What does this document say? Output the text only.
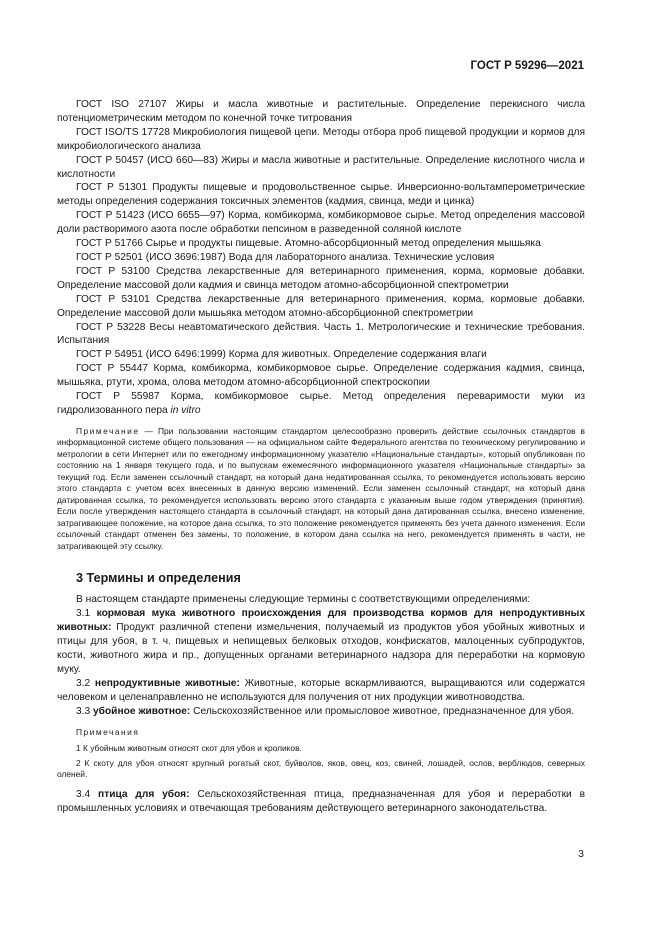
ГОСТ Р 59296—2021

ГОСТ ISO 27107 Жиры и масла животные и растительные. Определение перекисного числа потенциометрическим методом по конечной точке титрования

ГОСТ ISO/TS 17728 Микробиология пищевой цепи. Методы отбора проб пищевой продукции и кормов для микробиологического анализа

ГОСТ Р 50457 (ИСО 660—83) Жиры и масла животные и растительные. Определение кислотного числа и кислотности

ГОСТ Р 51301 Продукты пищевые и продовольственное сырье. Инверсионно-вольтамперометрические методы определения содержания токсичных элементов (кадмия, свинца, меди и цинка)

ГОСТ Р 51423 (ИСО 6655—97) Корма, комбикорма, комбикормовое сырье. Метод определения массовой доли растворимого азота после обработки пепсином в разведенной соляной кислоте

ГОСТ Р 51766 Сырье и продукты пищевые. Атомно-абсорбционный метод определения мышьяка

ГОСТ Р 52501 (ИСО 3696:1987) Вода для лабораторного анализа. Технические условия

ГОСТ Р 53100 Средства лекарственные для ветеринарного применения, корма, кормовые добавки. Определение массовой доли кадмия и свинца методом атомно-абсорбционной спектрометрии

ГОСТ Р 53101 Средства лекарственные для ветеринарного применения, корма, кормовые добавки. Определение массовой доли мышьяка методом атомно-абсорбционной спектрометрии

ГОСТ Р 53228 Весы неавтоматического действия. Часть 1. Метрологические и технические требования. Испытания

ГОСТ Р 54951 (ИСО 6496:1999) Корма для животных. Определение содержания влаги

ГОСТ Р 55447 Корма, комбикорма, комбикормовое сырье. Определение содержания кадмия, свинца, мышьяка, ртути, хрома, олова методом атомно-абсорбционной спектроскопии

ГОСТ Р 55987 Корма, комбикормовое сырье. Метод определения переваримости муки из гидролизованного пера in vitro

Примечание — При пользовании настоящим стандартом целесообразно проверить действие ссылочных стандартов в информационной системе общего пользования — на официальном сайте Федерального агентства по техническому регулированию и метрологии в сети Интернет или по ежегодному информационному указателю «Национальные стандарты», который опубликован по состоянию на 1 января текущего года, и по выпускам ежемесячного информационного указателя «Национальные стандарты» за текущий год. Если заменен ссылочный стандарт, на который дана недатированная ссылка, то рекомендуется использовать версию этого стандарта с учетом всех внесенных в данную версию изменений. Если заменен ссылочный стандарт, на который дана датированная ссылка, то рекомендуется использовать версию этого стандарта с указанным выше годом утверждения (принятия). Если после утверждения настоящего стандарта в ссылочный стандарт, на который дана датированная ссылка, внесено изменение, затрагивающее положение, на которое дана ссылка, то это положение рекомендуется применять без учета данного изменения. Если ссылочный стандарт отменен без замены, то положение, в котором дана ссылка на него, рекомендуется применять в части, не затрагивающей эту ссылку.

3 Термины и определения

В настоящем стандарте применены следующие термины с соответствующими определениями:

3.1 кормовая мука животного происхождения для производства кормов для непродуктивных животных: Продукт различной степени измельчения, получаемый из продуктов убоя убойных животных и птицы для убоя, в т. ч. пищевых и непищевых белковых отходов, конфискатов, малоценных субпродуктов, кости, животного жира и пр., допущенных органами ветеринарного надзора для переработки на кормовую муку.

3.2 непродуктивные животные: Животные, которые вскармливаются, выращиваются или содержатся человеком и целенаправленно не используются для получения от них продукции животноводства.

3.3 убойное животное: Сельскохозяйственное или промысловое животное, предназначенное для убоя.

Примечания

1 К убойным животным относят скот для убоя и кроликов.

2 К скоту для убоя относят крупный рогатый скот, буйволов, яков, овец, коз, свиней, лошадей, ослов, верблюдов, северных оленей.

3.4 птица для убоя: Сельскохозяйственная птица, предназначенная для убоя и переработки в промышленных условиях и отвечающая требованиям действующего ветеринарного законодательства.

3
